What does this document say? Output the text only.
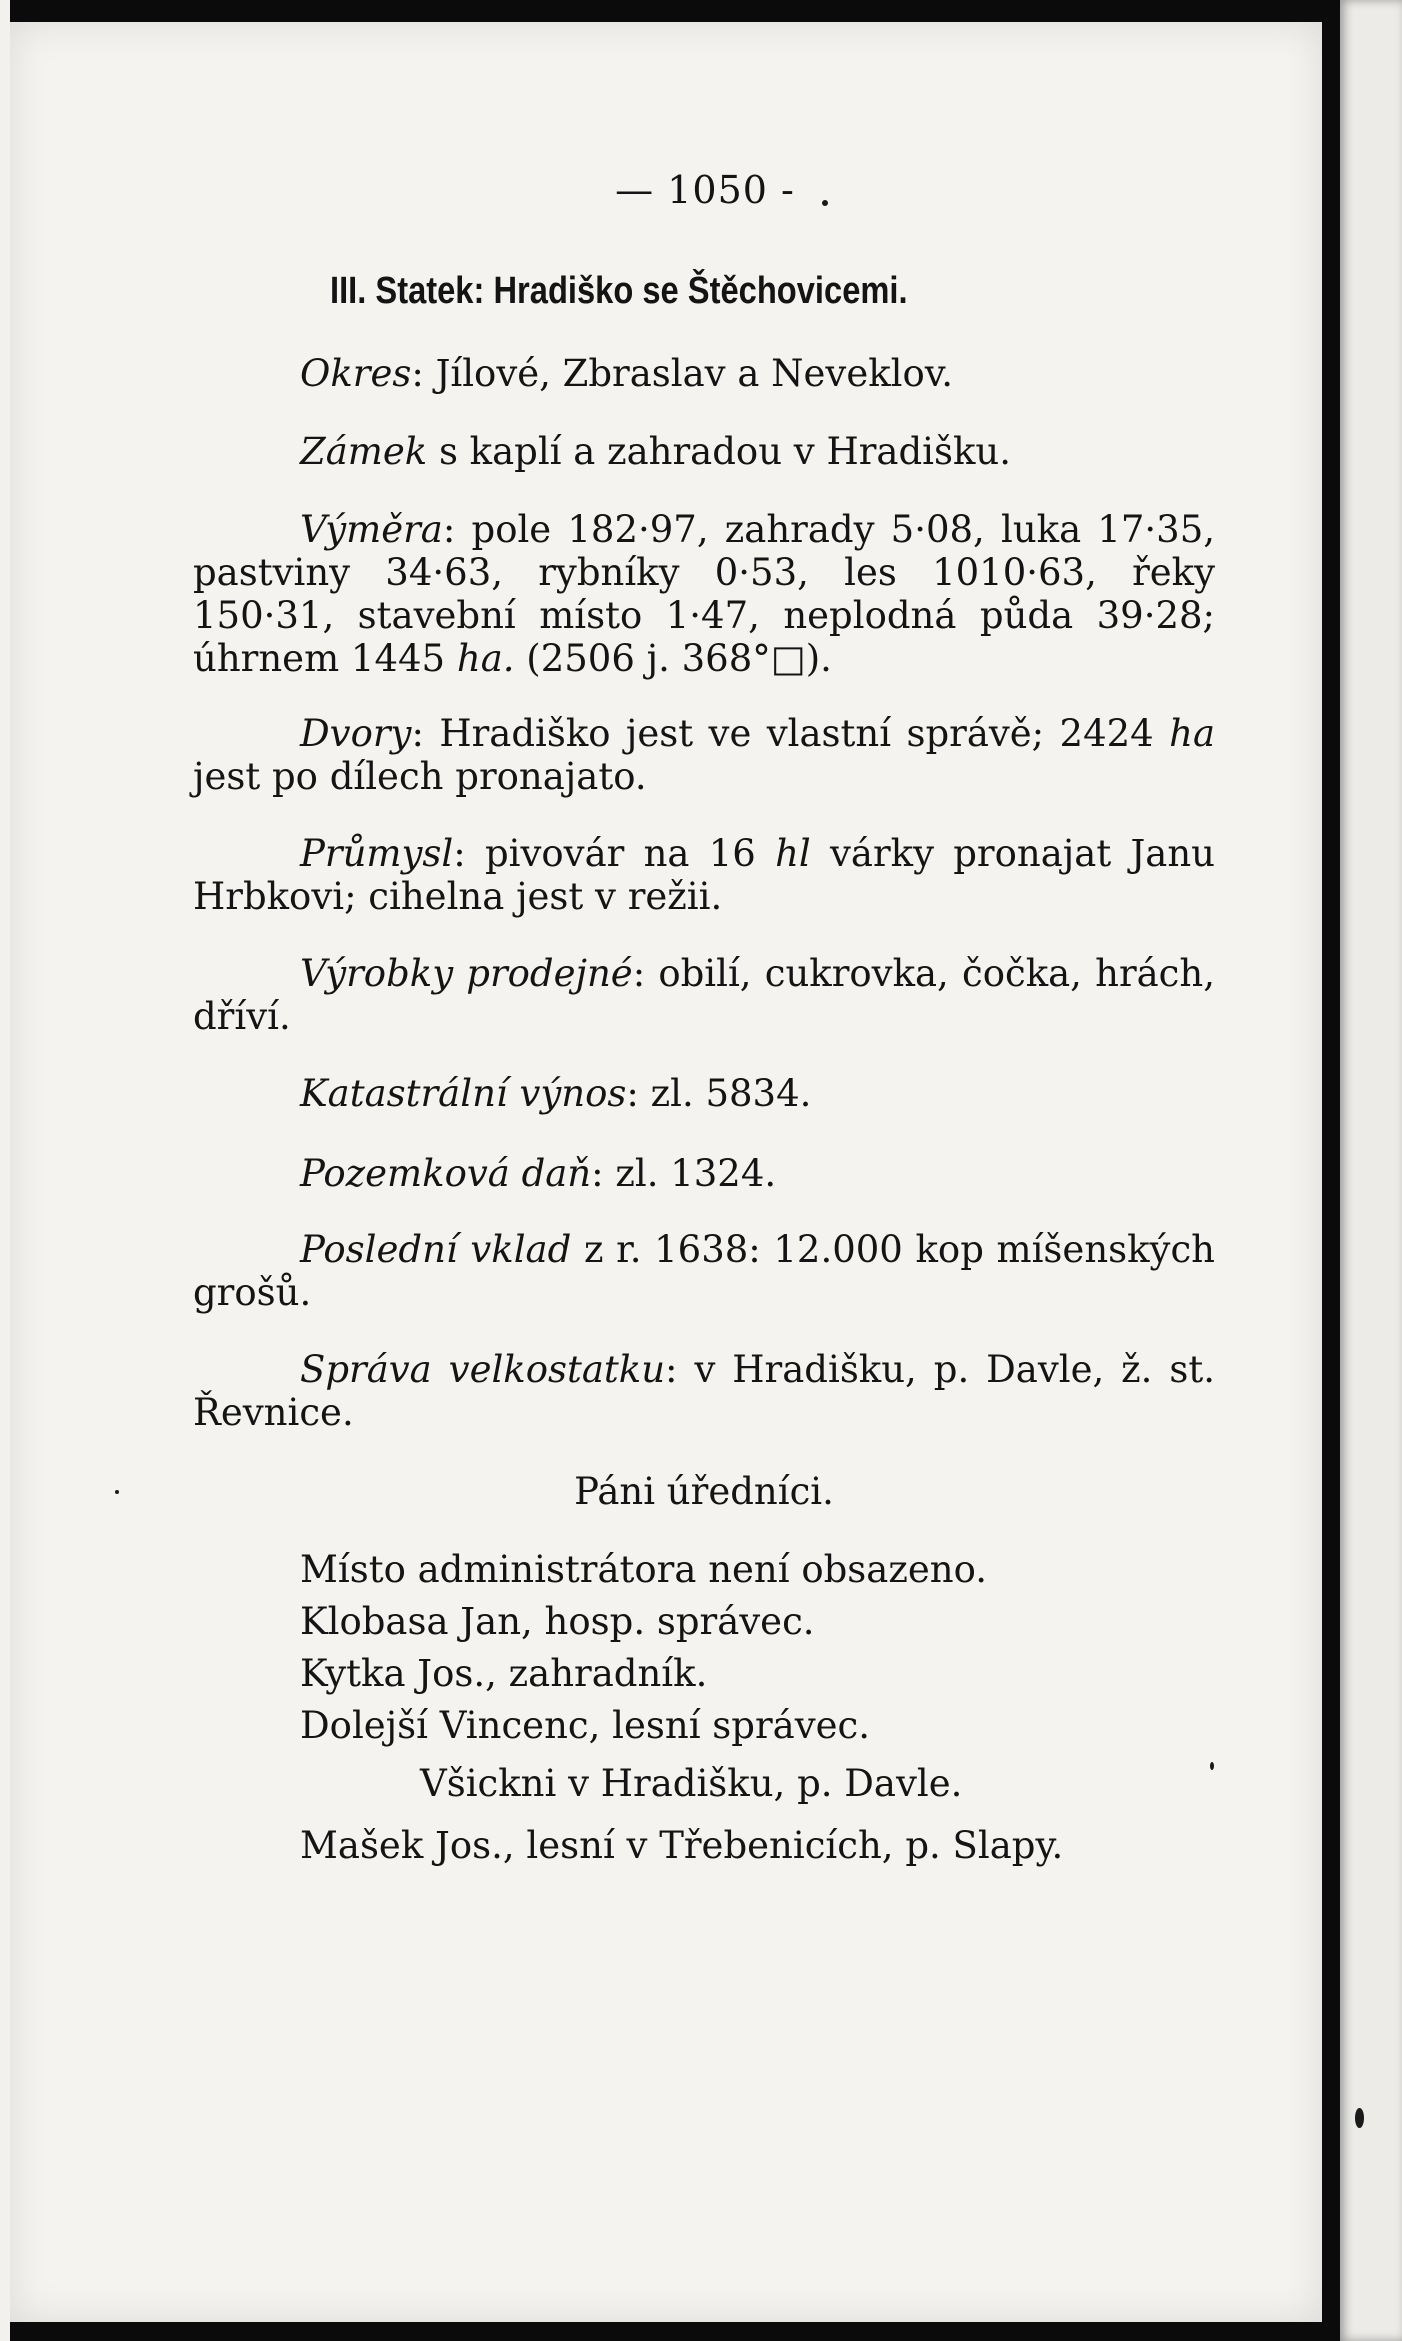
— 1050 -
III. Statek: Hradiško se Štěchovicemi.

Okres: Jílové, Zbraslav a Neveklov.

Zámek s kaplí a zahradou v Hradišku.

Výměra: pole 182·97, zahrady 5·08, luka 17·35, pastviny 34·63, rybníky 0·53, les 1010·63, řeky 150·31, stavební místo 1·47, neplodná půda 39·28; úhrnem 1445 ha. (2506 j. 368°□).

Dvory: Hradiško jest ve vlastní správě; 2424 ha jest po dílech pronajato.

Průmysl: pivovár na 16 hl várky pronajat Janu Hrbkovi; cihelna jest v režii.

Výrobky prodejné: obilí, cukrovka, čočka, hrách, dříví.

Katastrální výnos: zl. 5834.

Pozemková daň: zl. 1324.

Poslední vklad z r. 1638: 12.000 kop míšenských grošů.

Správa velkostatku: v Hradišku, p. Davle, ž. st. Řevnice.

Páni úředníci.
Místo administrátora není obsazeno.
Klobasa Jan, hosp. správec.
Kytka Jos., zahradník.
Dolejší Vincenc, lesní správec.
Všickni v Hradišku, p. Davle.
Mašek Jos., lesní v Třebenicích, p. Slapy.
